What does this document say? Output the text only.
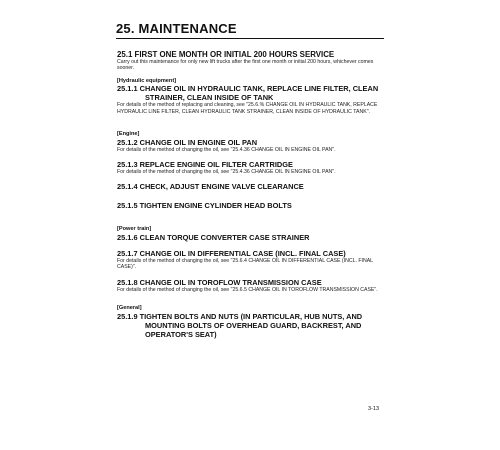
25. MAINTENANCE
25.1 FIRST ONE MONTH OR INITIAL 200 HOURS SERVICE

Carry out this maintenance for only new lift trucks after the first one month or initial 200 hours, whichever comes sooner.

[Hydraulic equipment]

25.1.1 CHANGE OIL IN HYDRAULIC TANK, REPLACE LINE FILTER, CLEAN STRAINER, CLEAN INSIDE OF TANK

For details of the method of replacing and cleaning, see "25.6.% CHANGE OIL IN HYDRAULIC TANK, REPLACE HYDRAULIC LINE FILTER, CLEAN HYDRAULIC TANK STRAINER, CLEAN INSIDE OF HYDRAULIC TANK".

[Engine]

25.1.2 CHANGE OIL IN ENGINE OIL PAN

For details of the method of changing the oil, see "25.4.36 CHANGE OIL IN ENGINE OIL PAN".

25.1.3 REPLACE ENGINE OIL FILTER CARTRIDGE

For details of the method of changing the oil, see "25.4.36 CHANGE OIL IN ENGINE OIL PAN".

25.1.4 CHECK, ADJUST ENGINE VALVE CLEARANCE
25.1.5 TIGHTEN ENGINE CYLINDER HEAD BOLTS

[Power train]

25.1.6 CLEAN TORQUE CONVERTER CASE STRAINER
25.1.7 CHANGE OIL IN DIFFERENTIAL CASE (INCL. FINAL CASE)

For details of the method of changing the oil, see "25.6.4 CHANGE OIL IN DIFFERENTIAL CASE (INCL. FINAL CASE)".

25.1.8 CHANGE OIL IN TOROFLOW TRANSMISSION CASE

For details of the method of changing the oil, see "25.6.5 CHANGE OIL IN TOROFLOW TRANSMISSION CASE".

[General]

25.1.9 TIGHTEN BOLTS AND NUTS (IN PARTICULAR, HUB NUTS, AND MOUNTING BOLTS OF OVERHEAD GUARD, BACKREST, AND OPERATOR'S SEAT)
3-13
